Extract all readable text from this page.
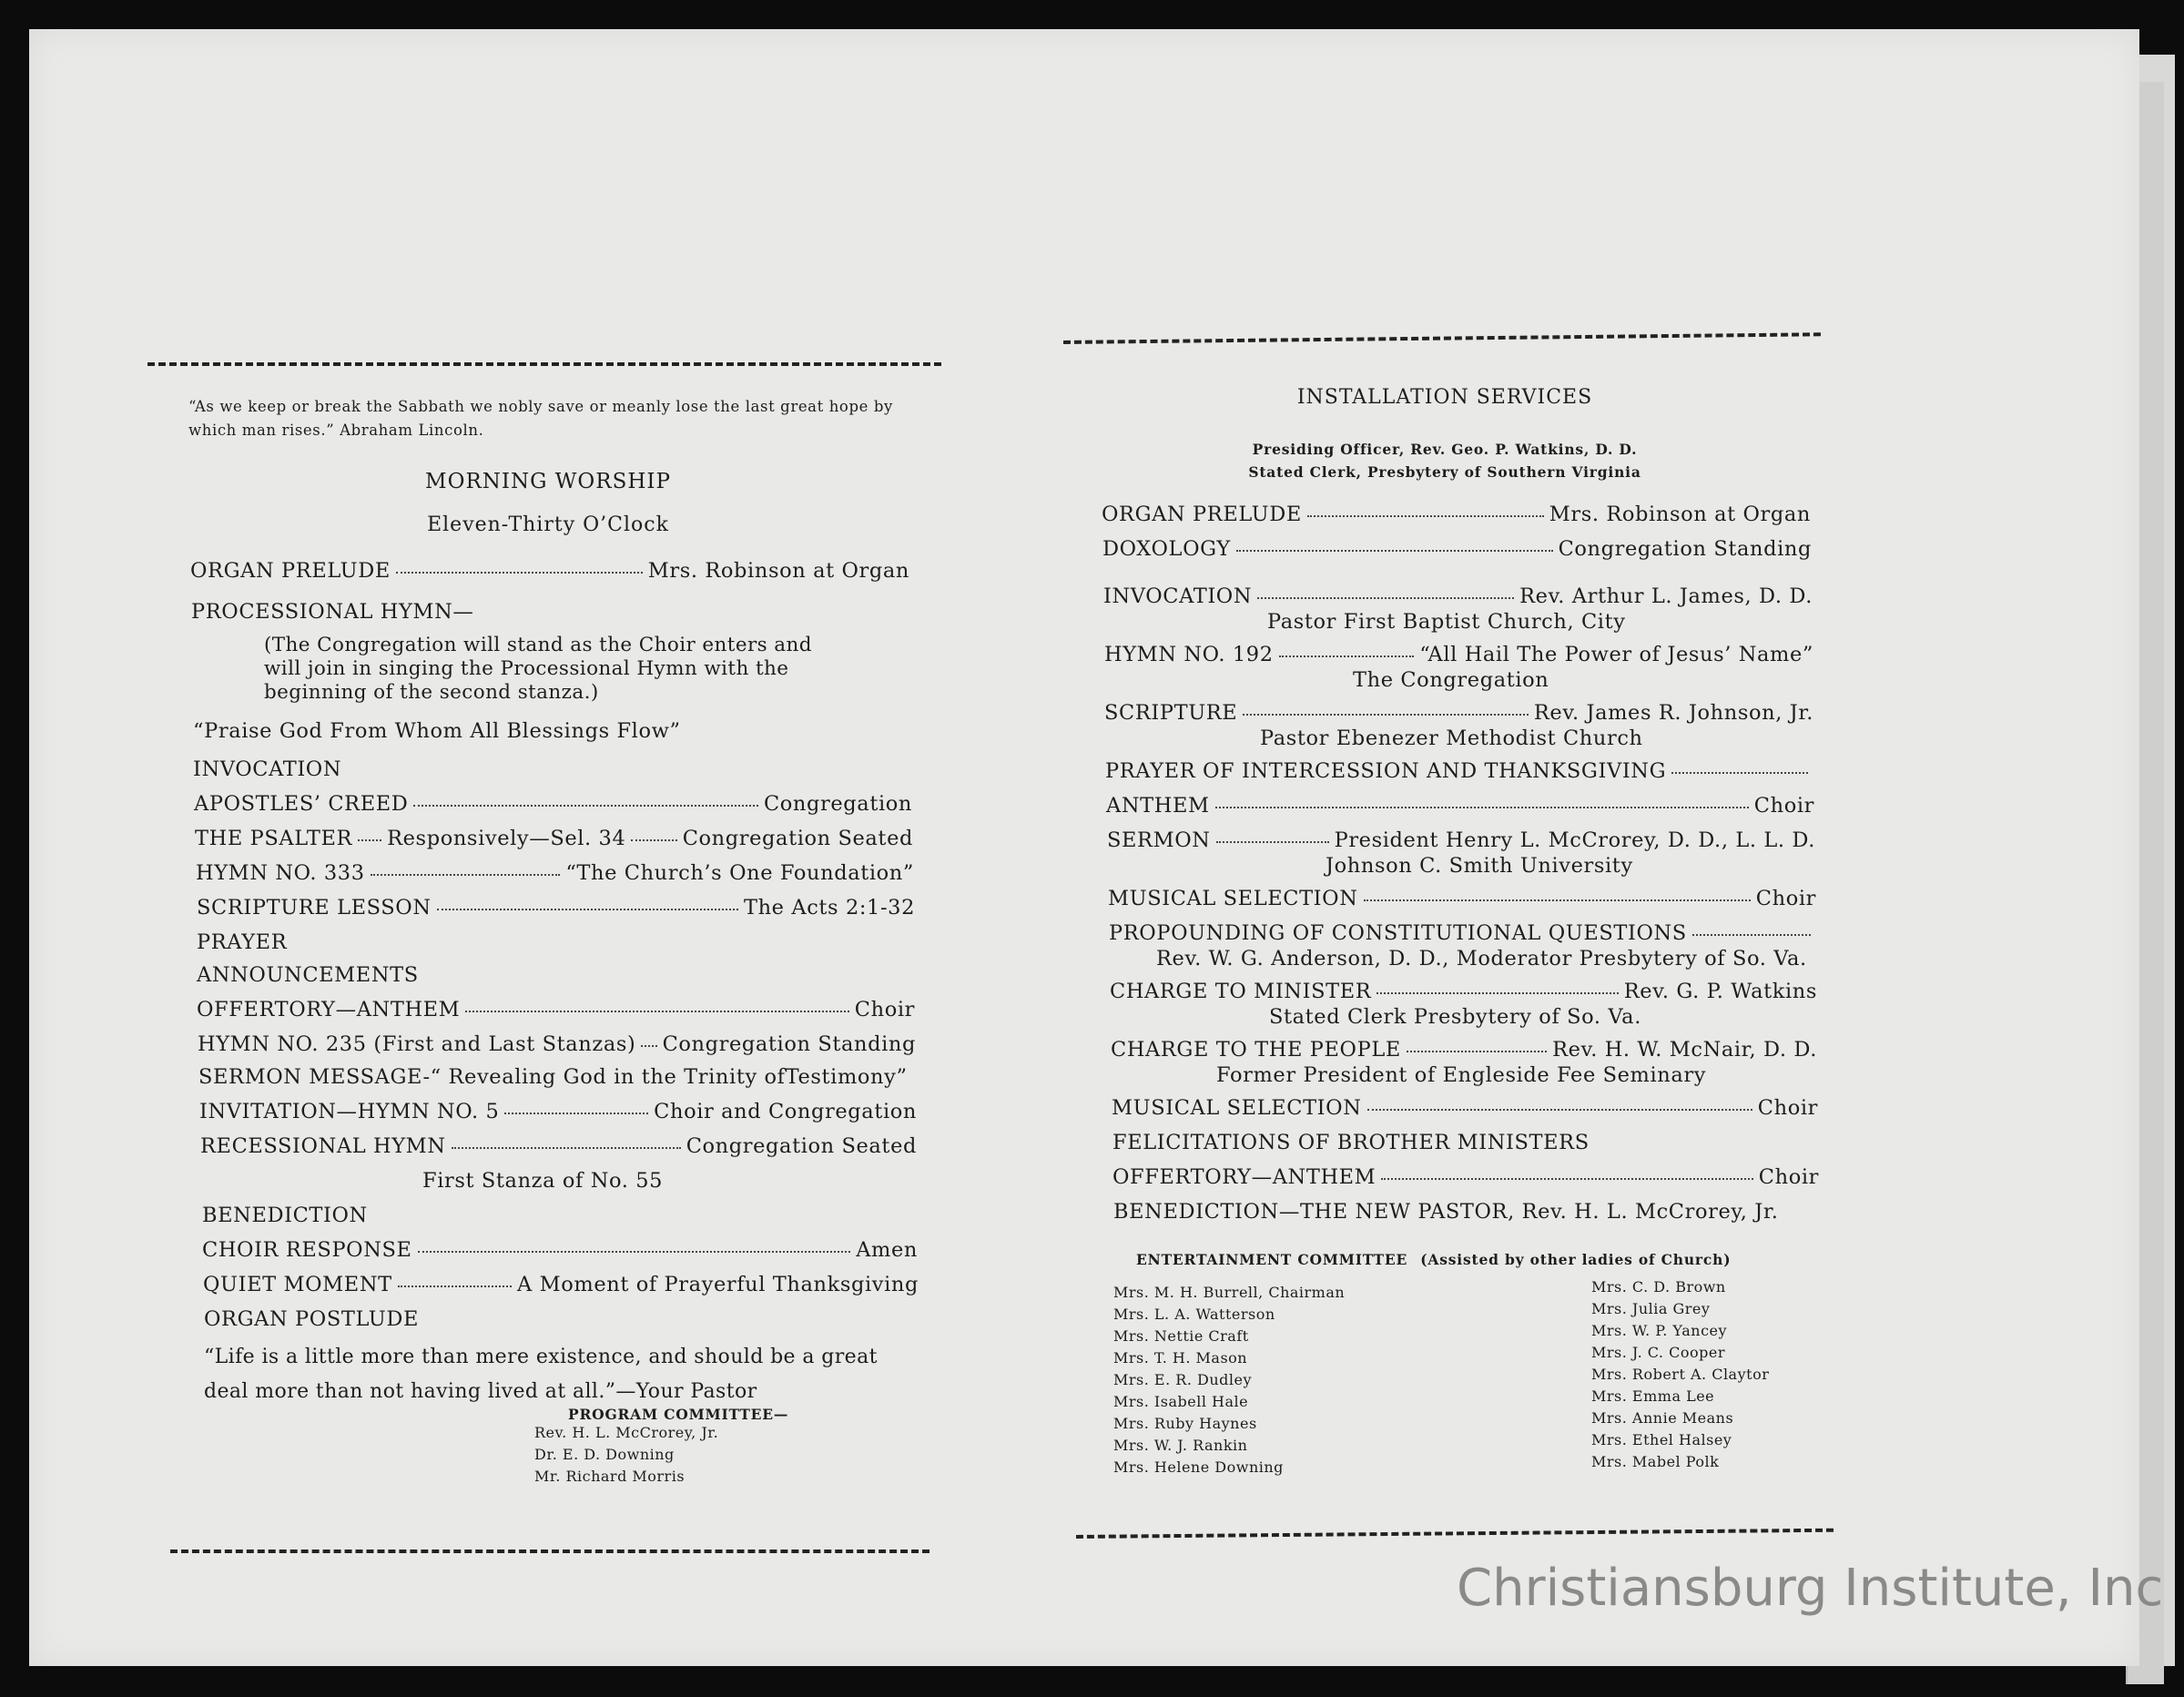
“As we keep or break the Sabbath we nobly save or meanly lose the last great hope by which man rises.” Abraham Lincoln.
MORNING WORSHIP
Eleven-Thirty O’Clock
ORGAN PRELUDE	Mrs. Robinson at Organ
PROCESSIONAL HYMN—
(The Congregation will stand as the Choir enters and
will join in singing the Processional Hymn with the
beginning of the second stanza.)
“Praise God From Whom All Blessings Flow”
INVOCATION
APOSTLES’ CREED	Congregation
THE PSALTER Responsively—Sel. 34	Congregation Seated
HYMN NO. 333	“The Church’s One Foundation”
SCRIPTURE LESSON	The Acts 2:1-32
PRAYER
ANNOUNCEMENTS
OFFERTORY—ANTHEM	Choir
HYMN NO. 235 (First and Last Stanzas) Congregation Standing
SERMON MESSAGE-“ Revealing God in the Trinity ofTestimony”
INVITATION—HYMN NO. 5	Choir and Congregation
RECESSIONAL HYMN	Congregation Seated
First Stanza of No. 55
BENEDICTION
CHOIR RESPONSE	Amen
QUIET MOMENT	A Moment of Prayerful Thanksgiving
ORGAN POSTLUDE
“Life is a little more than mere existence, and should be a great
deal more than not having lived at all.”—Your Pastor
PROGRAM COMMITTEE—
Rev. H. L. McCrorey, Jr.
Dr. E. D. Downing
Mr. Richard Morris
INSTALLATION SERVICES
Presiding Officer, Rev. Geo. P. Watkins, D. D.
Stated Clerk, Presbytery of Southern Virginia
ORGAN PRELUDE	Mrs. Robinson at Organ
DOXOLOGY	Congregation Standing
INVOCATION	Rev. Arthur L. James, D. D.
Pastor First Baptist Church, City
HYMN NO. 192	“All Hail The Power of Jesus’ Name”
The Congregation
SCRIPTURE	Rev. James R. Johnson, Jr.
Pastor Ebenezer Methodist Church
PRAYER OF INTERCESSION AND THANKSGIVING
ANTHEM	Choir
SERMON	President Henry L. McCrorey, D. D., L. L. D.
Johnson C. Smith University
MUSICAL SELECTION	Choir
PROPOUNDING OF CONSTITUTIONAL QUESTIONS
Rev. W. G. Anderson, D. D., Moderator Presbytery of So. Va.
CHARGE TO MINISTER	Rev. G. P. Watkins
Stated Clerk Presbytery of So. Va.
CHARGE TO THE PEOPLE	Rev. H. W. McNair, D. D.
Former President of Engleside Fee Seminary
MUSICAL SELECTION	Choir
FELICITATIONS OF BROTHER MINISTERS
OFFERTORY—ANTHEM	Choir
BENEDICTION—THE NEW PASTOR, Rev. H. L. McCrorey, Jr.
ENTERTAINMENT COMMITTEE (Assisted by other ladies of Church)
Mrs. M. H. Burrell, Chairman
Mrs. L. A. Watterson
Mrs. Nettie Craft
Mrs. T. H. Mason
Mrs. E. R. Dudley
Mrs. Isabell Hale
Mrs. Ruby Haynes
Mrs. W. J. Rankin
Mrs. Helene Downing
Mrs. C. D. Brown
Mrs. Julia Grey
Mrs. W. P. Yancey
Mrs. J. C. Cooper
Mrs. Robert A. Claytor
Mrs. Emma Lee
Mrs. Annie Means
Mrs. Ethel Halsey
Mrs. Mabel Polk
Christiansburg Institute, Inc
